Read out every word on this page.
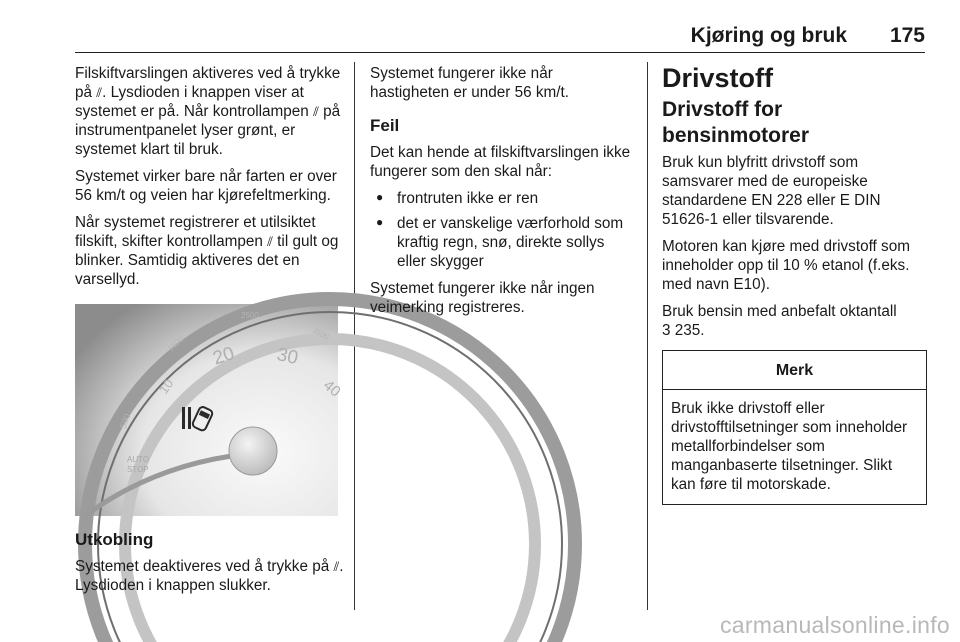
Kjøring og bruk 175

Filskiftvarslingen aktiveres ved å trykke på ⫽. Lysdioden i knappen viser at systemet er på. Når kontrollampen ⫽ på instrumentpanelet lyser grønt, er systemet klart til bruk.

Systemet virker bare når farten er over 56 km/t og veien har kjørefeltmerking.

Når systemet registrerer et utilsiktet filskift, skifter kontrollampen ⫽ til gult og blinker. Samtidig aktiveres det en varsellyd.

AUTO
STOP
10
20 30
40
500
1500
2500
3500
Utkobling

Systemet deaktiveres ved å trykke på ⫽. Lysdioden i knappen slukker.

Systemet fungerer ikke når hastigheten er under 56 km/t.

Feil

Det kan hende at filskiftvarslingen ikke fungerer som den skal når:

● frontruten ikke er ren
● det er vanskelige værforhold som kraftig regn, snø, direkte sollys eller skygger

Systemet fungerer ikke når ingen veimerking registreres.

Drivstoff
Drivstoff for bensinmotorer

Bruk kun blyfritt drivstoff som samsvarer med de europeiske standardene EN 228 eller E DIN 51626-1 eller tilsvarende.

Motoren kan kjøre med drivstoff som inneholder opp til 10 % etanol (f.eks. med navn E10).

Bruk bensin med anbefalt oktantall
3 235.

Merk
Bruk ikke drivstoff eller drivstofftilsetninger som inneholder metallforbindelser som manganbaserte tilsetninger. Slikt kan føre til motorskade.
carmanualsonline.info
